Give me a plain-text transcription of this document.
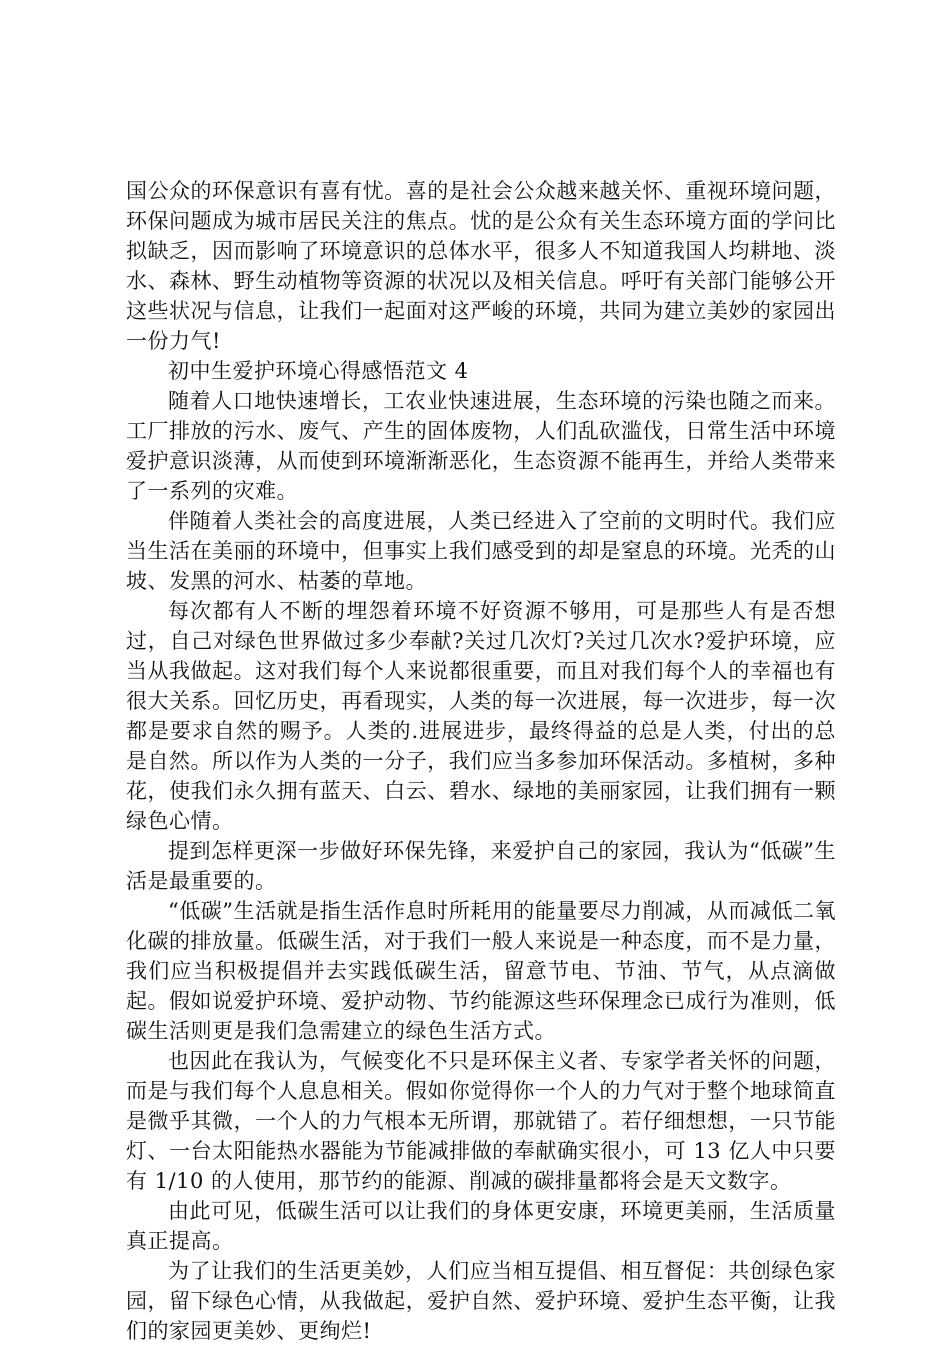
国公众的环保意识有喜有忧。喜的是社会公众越来越关怀、重视环境问题，环保问题成为城市居民关注的焦点。忧的是公众有关生态环境方面的学问比拟缺乏，因而影响了环境意识的总体水平，很多人不知道我国人均耕地、淡水、森林、野生动植物等资源的状况以及相关信息。呼吁有关部门能够公开这些状况与信息，让我们一起面对这严峻的环境，共同为建立美妙的家园出一份力气!

初中生爱护环境心得感悟范文 4

随着人口地快速增长，工农业快速进展，生态环境的污染也随之而来。工厂排放的污水、废气、产生的固体废物，人们乱砍滥伐，日常生活中环境爱护意识淡薄，从而使到环境渐渐恶化，生态资源不能再生，并给人类带来了一系列的灾难。

伴随着人类社会的高度进展，人类已经进入了空前的文明时代。我们应当生活在美丽的环境中，但事实上我们感受到的却是窒息的环境。光秃的山坡、发黑的河水、枯萎的草地。

每次都有人不断的埋怨着环境不好资源不够用，可是那些人有是否想过，自己对绿色世界做过多少奉献?关过几次灯?关过几次水?爱护环境，应当从我做起。这对我们每个人来说都很重要，而且对我们每个人的幸福也有很大关系。回忆历史，再看现实，人类的每一次进展，每一次进步，每一次都是要求自然的赐予。人类的.进展进步，最终得益的总是人类，付出的总是自然。所以作为人类的一分子，我们应当多参加环保活动。多植树，多种花，使我们永久拥有蓝天、白云、碧水、绿地的美丽家园，让我们拥有一颗绿色心情。

提到怎样更深一步做好环保先锋，来爱护自己的家园，我认为“低碳”生活是最重要的。

“低碳”生活就是指生活作息时所耗用的能量要尽力削减，从而减低二氧化碳的排放量。低碳生活，对于我们一般人来说是一种态度，而不是力量，我们应当积极提倡并去实践低碳生活，留意节电、节油、节气，从点滴做起。假如说爱护环境、爱护动物、节约能源这些环保理念已成行为准则，低碳生活则更是我们急需建立的绿色生活方式。

也因此在我认为，气候变化不只是环保主义者、专家学者关怀的问题，而是与我们每个人息息相关。假如你觉得你一个人的力气对于整个地球简直是微乎其微，一个人的力气根本无所谓，那就错了。若仔细想想，一只节能灯、一台太阳能热水器能为节能减排做的奉献确实很小，可 13 亿人中只要有 1/10 的人使用，那节约的能源、削减的碳排量都将会是天文数字。

由此可见，低碳生活可以让我们的身体更安康，环境更美丽，生活质量真正提高。

为了让我们的生活更美妙，人们应当相互提倡、相互督促：共创绿色家园，留下绿色心情，从我做起，爱护自然、爱护环境、爱护生态平衡，让我们的家园更美妙、更绚烂!
